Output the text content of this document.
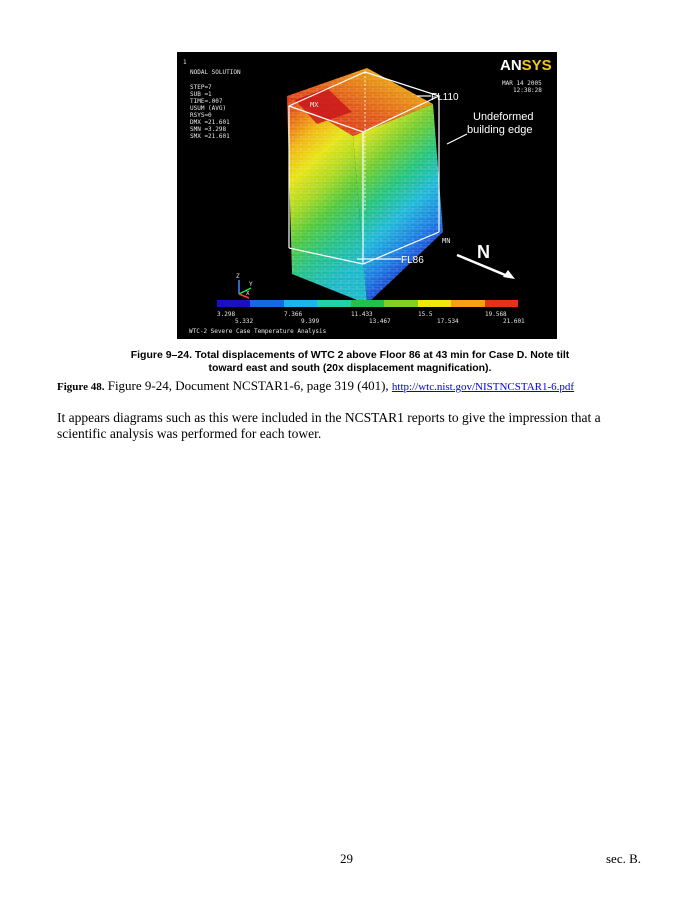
1
NODAL SOLUTION STEP=7 SUB =1 TIME=.007 USUM (AVG) RSYS=0 DMX =21.601 SMN =3.298 SMX =21.601
ANSYS
MAR 14 2005
12:38:28
MX
MN
FL110
FL86
Undeformed
building edge
N
Z
Y
X
3.298	7.366	11.433	15.5	19.568
5.332	9.399	13.467	17.534	21.601
WTC-2 Severe Case Temperature Analysis
Figure 9–24. Total displacements of WTC 2 above Floor 86 at 43 min for Case D. Note tilt
toward east and south (20x displacement magnification).
Figure 48. Figure 9-24, Document NCSTAR1-6, page 319 (401), http://wtc.nist.gov/NISTNCSTAR1-6.pdf
It appears diagrams such as this were included in the NCSTAR1 reports to give the impression that a scientific analysis was performed for each tower.
29	sec. B.
